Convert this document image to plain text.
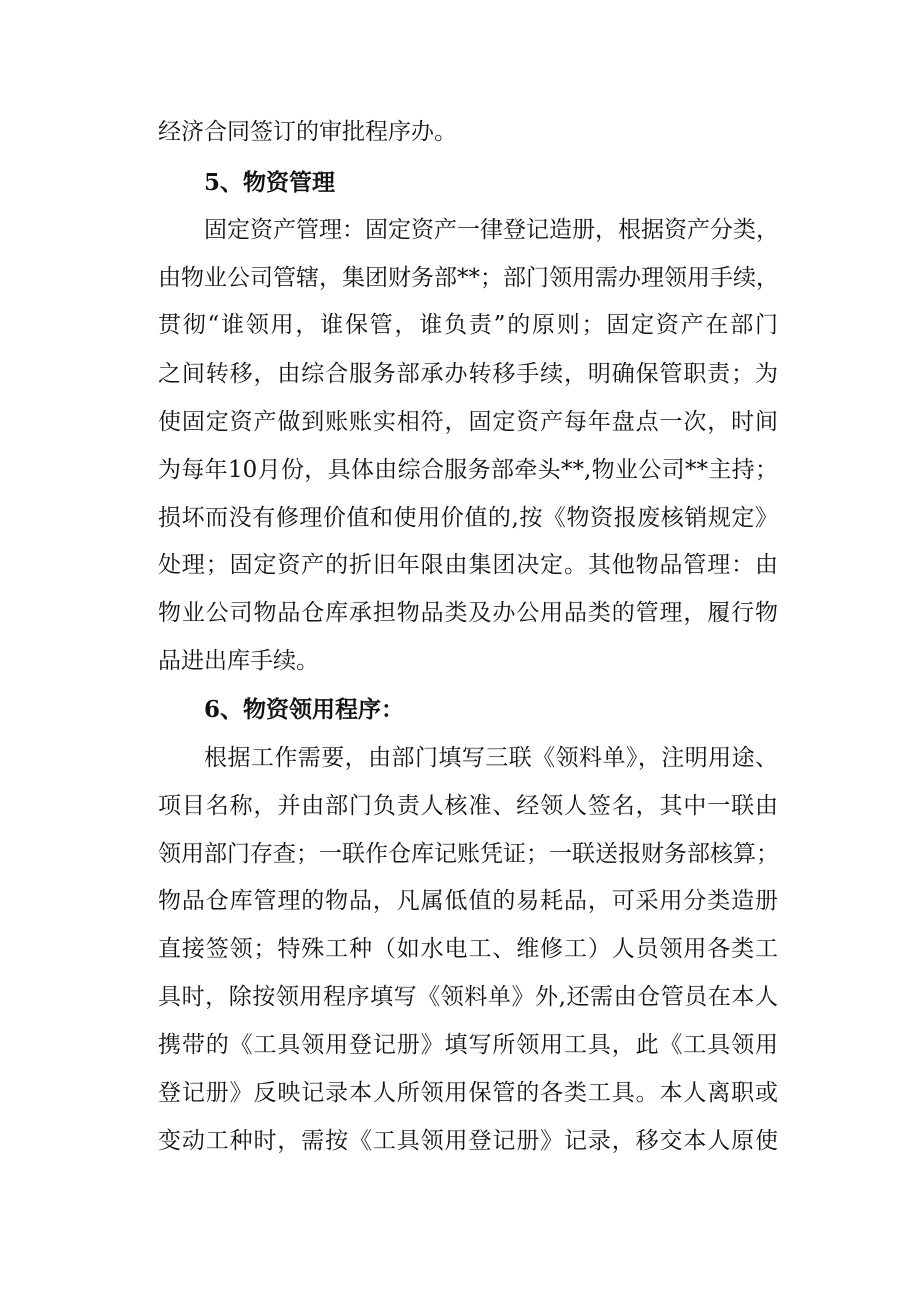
经济合同签订的审批程序办。
5、物资管理
固定资产管理：固定资产一律登记造册，根据资产分类，
由物业公司管辖，集团财务部**；部门领用需办理领用手续，
贯彻“谁领用，谁保管，谁负责”的原则；固定资产在部门
之间转移，由综合服务部承办转移手续，明确保管职责；为
使固定资产做到账账实相符，固定资产每年盘点一次，时间
为每年10月份，具体由综合服务部牵头**,物业公司**主持；
损坏而没有修理价值和使用价值的,按《物资报废核销规定》
处理；固定资产的折旧年限由集团决定。其他物品管理：由
物业公司物品仓库承担物品类及办公用品类的管理，履行物
品进出库手续。
6、物资领用程序：
根据工作需要，由部门填写三联《领料单》，注明用途、
项目名称，并由部门负责人核准、经领人签名，其中一联由
领用部门存查；一联作仓库记账凭证；一联送报财务部核算；
物品仓库管理的物品，凡属低值的易耗品，可采用分类造册
直接签领；特殊工种（如水电工、维修工）人员领用各类工
具时，除按领用程序填写《领料单》外,还需由仓管员在本人
携带的《工具领用登记册》填写所领用工具，此《工具领用
登记册》反映记录本人所领用保管的各类工具。本人离职或
变动工种时，需按《工具领用登记册》记录，移交本人原使
